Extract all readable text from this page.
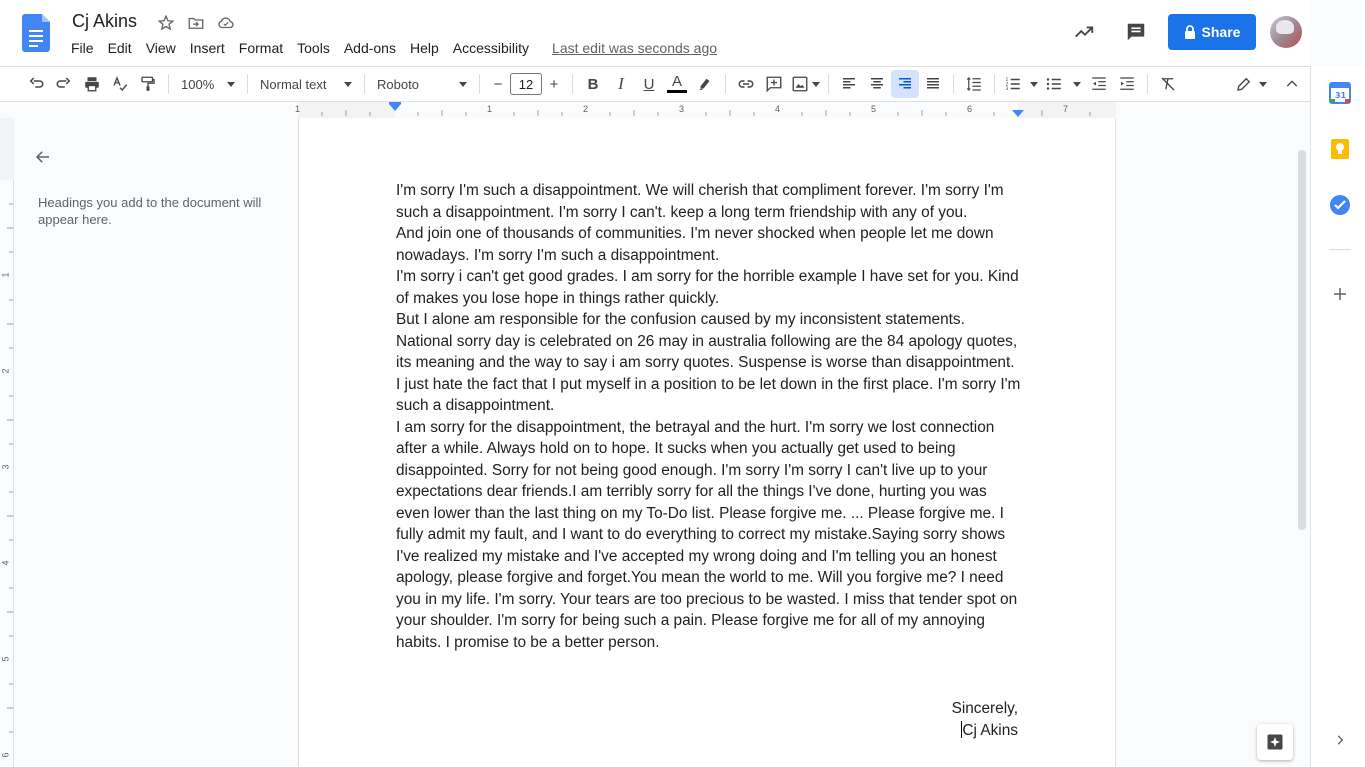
Cj Akins
File	Edit	View	Insert	Format	Tools	Add-ons	Help	Accessibility	Last edit was seconds ago
Share
100%	Normal text	Roboto	−	12	+	B	I	U	A	1
2
3
1	1	2	3	4	5	6	7
1
2
3
4
5
6
Headings you add to the document will appear here.

I'm sorry I'm such a disappointment. We will cherish that compliment forever. I'm sorry I'm such a disappointment. I'm sorry I can't. keep a long term friendship with any of you.

And join one of thousands of communities. I'm never shocked when people let me down nowadays. I'm sorry I'm such a disappointment.

I'm sorry i can't get good grades. I am sorry for the horrible example I have set for you. Kind of makes you lose hope in things rather quickly.

But I alone am responsible for the confusion caused by my inconsistent statements. National sorry day is celebrated on 26 may in australia following are the 84 apology quotes, its meaning and the way to say i am sorry quotes. Suspense is worse than disappointment. I just hate the fact that I put myself in a position to be let down in the first place. I'm sorry I'm such a disappointment.

I am sorry for the disappointment, the betrayal and the hurt. I'm sorry we lost connection after a while. Always hold on to hope. It sucks when you actually get used to being disappointed. Sorry for not being good enough. I'm sorry I'm sorry I can't live up to your expectations dear friends.I am terribly sorry for all the things I've done, hurting you was even lower than the last thing on my To-Do list. Please forgive me. ... Please forgive me. I fully admit my fault, and I want to do everything to correct my mistake.Saying sorry shows I've realized my mistake and I've accepted my wrong doing and I'm telling you an honest apology, please forgive and forget.You mean the world to me. Will you forgive me? I need you in my life. I'm sorry. Your tears are too precious to be wasted. I miss that tender spot on your shoulder. I'm sorry for being such a pain. Please forgive me for all of my annoying habits. I promise to be a better person.

Sincerely,
Cj Akins
31
